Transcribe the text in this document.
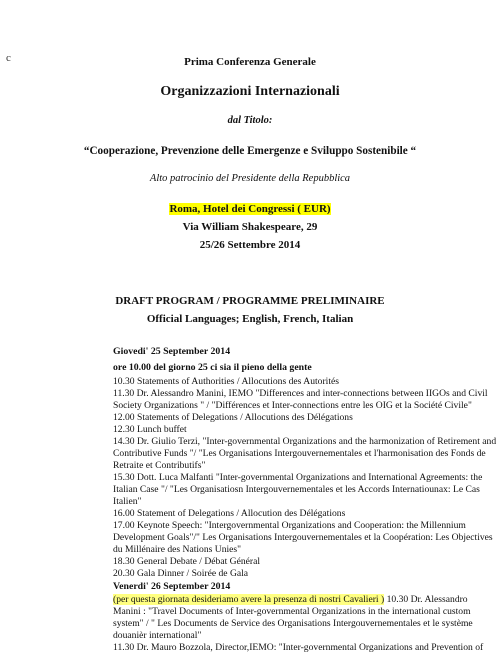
c	Prima Conferenza Generale
Organizzazioni Internazionali
dal Titolo:
“Cooperazione, Prevenzione delle Emergenze e Sviluppo Sostenibile “
Alto patrocinio del Presidente della Repubblica
Roma, Hotel dei Congressi ( EUR)
Via William Shakespeare, 29
25/26 Settembre 2014
DRAFT PROGRAM / PROGRAMME PRELIMINAIRE
Official Languages; English, French, Italian
Giovedi' 25 September 2014
ore 10.00 del giorno 25 ci sia il pieno della gente
10.30 Statements of Authorities / Allocutions des Autorités
11.30 Dr. Alessandro Manini, IEMO "Differences and inter-connections between IIGOs and Civil
Society Organizations " / "Différences et Inter-connections entre les OIG et la Société Civile"
12.00 Statements of Delegations / Allocutions des Délégations
12.30 Lunch buffet
14.30 Dr. Giulio Terzi, "Inter-governmental Organizations and the harmonization of Retirement and
Contributive Funds "/ "Les Organisations Intergouvernementales et l'harmonisation des Fonds de
Retraite et Contributifs"
15.30 Dott. Luca Malfanti "Inter-governmental Organizations and International Agreements: the
Italian Case "/ "Les Organisatiosn Intergouvernementales et les Accords Internatiounax: Le Cas
Italien"
16.00 Statement of Delegations / Allocution des Délégations
17.00 Keynote Speech: "Intergovernmental Organizations and Cooperation: the Millennium
Development Goals"/" Les Organisations Intergouvernementales et la Coopération: Les Objectives
du Millénaire des Nations Unies"
18.30 General Debate / Débat Général
20.30 Gala Dinner / Soirée de Gala
Venerdi' 26 September 2014
(per questa giornata desideriamo avere la presenza di nostri Cavalieri ) 10.30 Dr. Alessandro
Manini : "Travel Documents of Inter-governmental Organizations in the international custom
system" / " Les Documents de Service des Organisations Intergouvernementales et le système
douanièr international"
11.30 Dr. Mauro Bozzola, Director,IEMO: "Inter-governmental Organizations and Prevention of
